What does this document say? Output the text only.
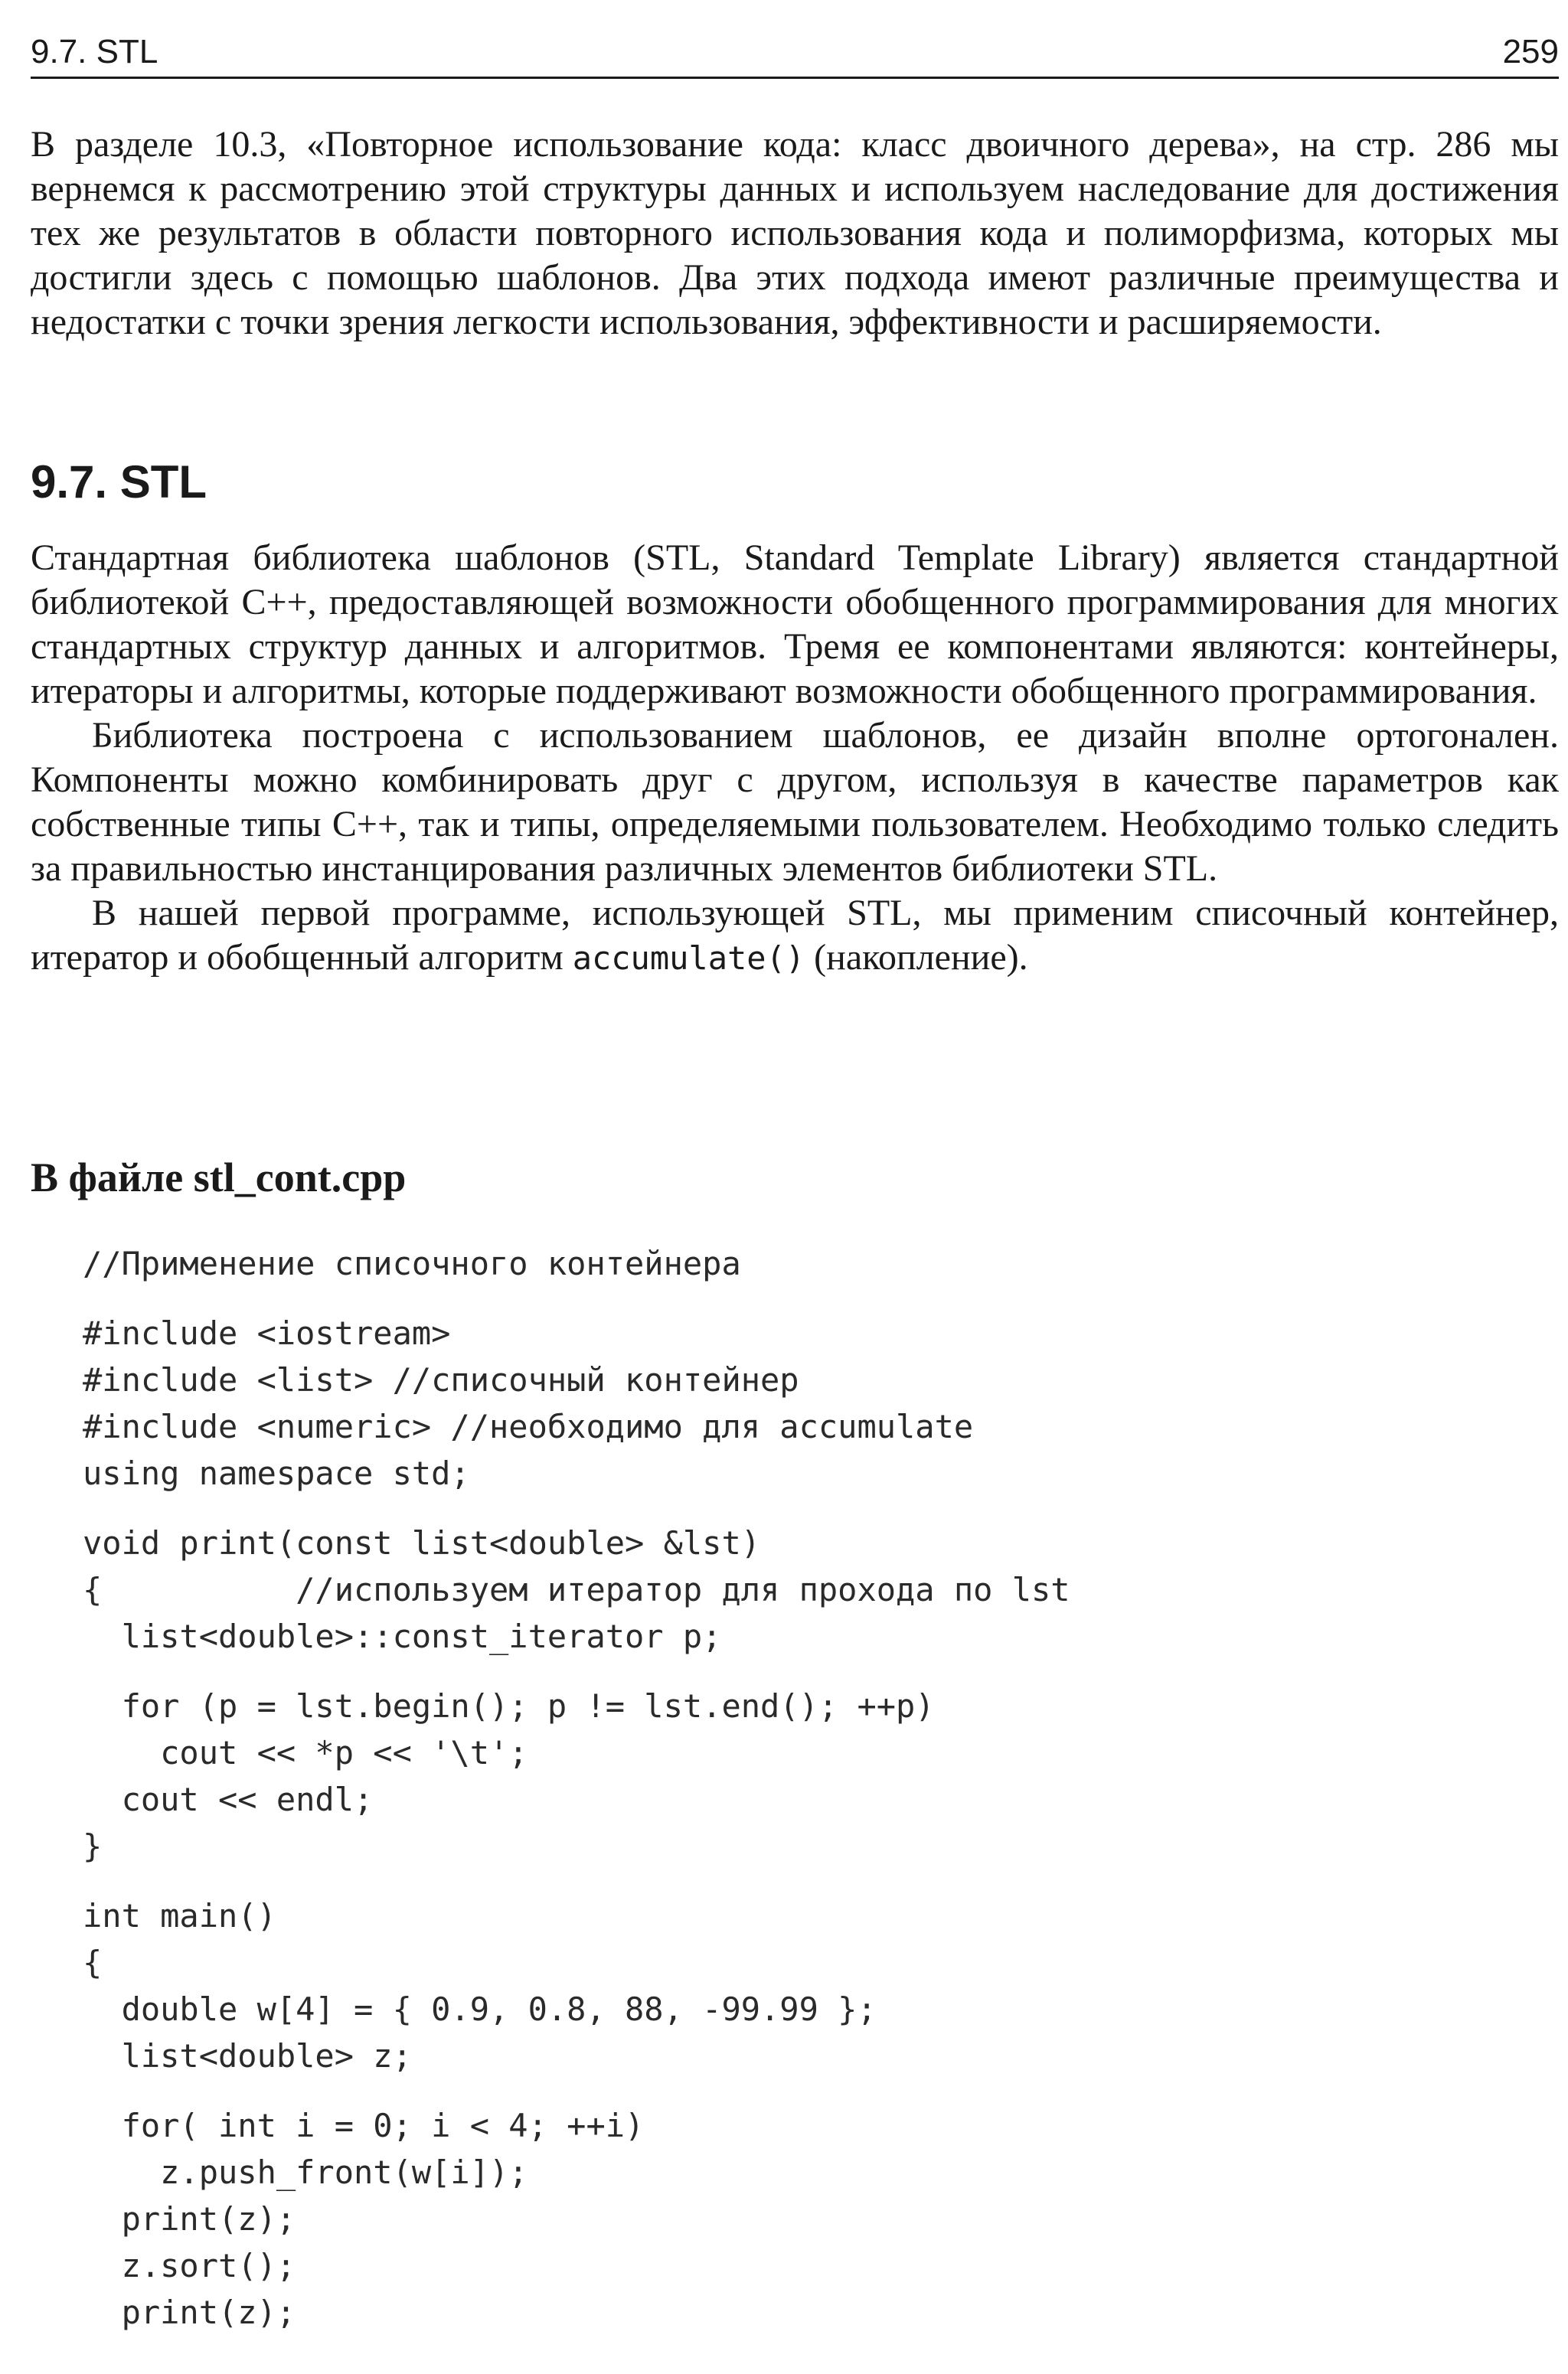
9.7. STL	259

В разделе 10.3, «Повторное использование кода: класс двоичного дерева», на стр. 286 мы вернемся к рассмотрению этой структуры данных и используем наследование для достижения тех же результатов в области повторного использования кода и полиморфизма, которых мы достигли здесь с помощью шаблонов. Два этих подхода имеют различные преимущества и недостатки с точки зрения легкости использования, эффективности и расширяемости.

9.7. STL

Стандартная библиотека шаблонов (STL, Standard Template Library) является стандартной библиотекой C++, предоставляющей возможности обобщенного программирования для многих стандартных структур данных и алгоритмов. Тремя ее компонентами являются: контейнеры, итераторы и алгоритмы, которые поддерживают возможности обобщенного программирования.

Библиотека построена с использованием шаблонов, ее дизайн вполне ортогонален. Компоненты можно комбинировать друг с другом, используя в качестве параметров как собственные типы C++, так и типы, определяемыми пользователем. Необходимо только следить за правильностью инстанцирования различных элементов библиотеки STL.

В нашей первой программе, использующей STL, мы применим списочный контейнер, итератор и обобщенный алгоритм accumulate() (накопление).

В файле stl_cont.cpp
//Применение списочного контейнера
#include <iostream>
#include <list> //списочный контейнер
#include <numeric> //необходимо для accumulate
using namespace std;
void print(const list<double> &lst)
{          //используем итератор для прохода по lst
list<double>::const_iterator p;
for (p = lst.begin(); p != lst.end(); ++p)
cout << *p << '\t';
cout << endl;
}
int main()
{
double w[4] = { 0.9, 0.8, 88, -99.99 };
list<double> z;
for( int i = 0; i < 4; ++i)
z.push_front(w[i]);
print(z);
z.sort();
print(z);
